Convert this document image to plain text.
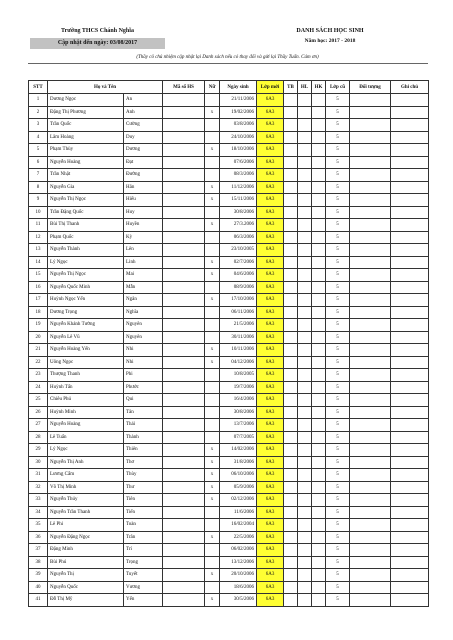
Trường THCS Chánh Nghĩa
Cập nhật đến ngày: 03/08/2017
DANH SÁCH HỌC SINH
Năm học: 2017 - 2018
(Thầy cô chủ nhiệm cập nhật lại Danh sách nếu có thay đổi và gửi lại Thầy Tuấn. Cám ơn)
STT	Họ và Tên		Mã số HS	Nữ	Ngày sinh	Lớp mới	TB	HL	HK	Lớp cũ	Đối tượng	Ghi chú
1	Dương Ngọc	An			21/11/2006	6A3				5		
2	Đặng Thị Phương	Anh		x	19/02/2006	6A3				5		
3	Trần Quốc	Cường			03/8/2006	6A3				5		
4	Lâm Hoàng	Duy			24/10/2006	6A3				5		
5	Phạm Thùy	Dương		x	18/10/2006	6A3				5		
6	Nguyễn Hoàng	Đạt			07/6/2006	6A3				5		
7	Trần Nhật	Đường			08/3/2006	6A3				5		
8	Nguyễn Gia	Hân		x	11/12/2006	6A3				5		
9	Nguyễn Thị Ngọc	Hiếu		x	15/11/2006	6A3				5		
10	Trần Đặng Quốc	Huy			30/8/2006	6A3				5		
11	Bùi Thị Thanh	Huyền		x	27/3.2006	6A3				5		
12	Phạm Quốc	Kỳ			06/3/2006	6A3				5		
13	Nguyễn Thành	Lên			23/10/2005	6A3				5		
14	Lý Ngọc	Linh		x	02/7/2006	6A3				5		
15	Nguyễn Thị Ngọc	Mai		x	04/6/2006	6A3				5		
16	Nguyễn Quốc Minh	Mẫn			08/9/2006	6A3				5		
17	Huỳnh Ngọc Yến	Ngân		x	17/10/2006	6A3				5		
18	Dương Trọng	Nghĩa			06/11/2006	6A3				5		
19	Nguyễn Khánh Tường	Nguyên			21/5/2006	6A3				5		
20	Nguyễn Lê Vũ	Nguyên			30/11/2006	6A3				5		
21	Nguyễn Hoàng Yến	Nhi		x	10/11/2006	6A3				5		
22	Uông Ngọc	Nhi		x	04/12/2006	6A3				5		
23	Thượng Thanh	Phi			10/8/2005	6A3				5		
24	Huỳnh Tấn	Phước			19/7/2006	6A3				5		
25	Chiêu Phú	Qui			16/4/2006	6A3				5		
26	Huỳnh Minh	Tân			30/8/2006	6A3				5		
27	Nguyễn Hoàng	Thái			13/7/2006	6A3				5		
28	Lê Tuấn	Thành			07/7/2005	6A3				5		
29	Lý Ngọc	Thiên		x	14/02/2006	6A3				5		
30	Nguyễn Thị Anh	Thơ		x	31/8/2006	6A3				5		
31	Lương Cẩm	Thùy		x	06/10/2006	6A3				5		
32	Võ Thị Minh	Thư		x	05/9/2006	6A3				5		
33	Nguyễn Thúy	Tiên		x	02/12/2006	6A3				5		
34	Nguyễn Trần Thanh	Tiến			11/6/2006	6A3				5		
35	Lê Phi	Toàn			16/02/2004	6A3				5		
36	Nguyễn Đặng Ngọc	Trân		x	22/5/2006	6A3				5		
37	Đặng Minh	Trí			06/02/2006	6A3				5		
38	Bùi Phú	Trọng			13/12/2006	6A3				5		
39	Nguyễn Thị	Tuyết		x	20/10/2006	6A3				5		
40	Nguyễn Quốc	Vương			18/6/2006	6A3				5		
41	Đỗ Thị Mỹ	Yến		x	30/5/2006	6A3				5		
